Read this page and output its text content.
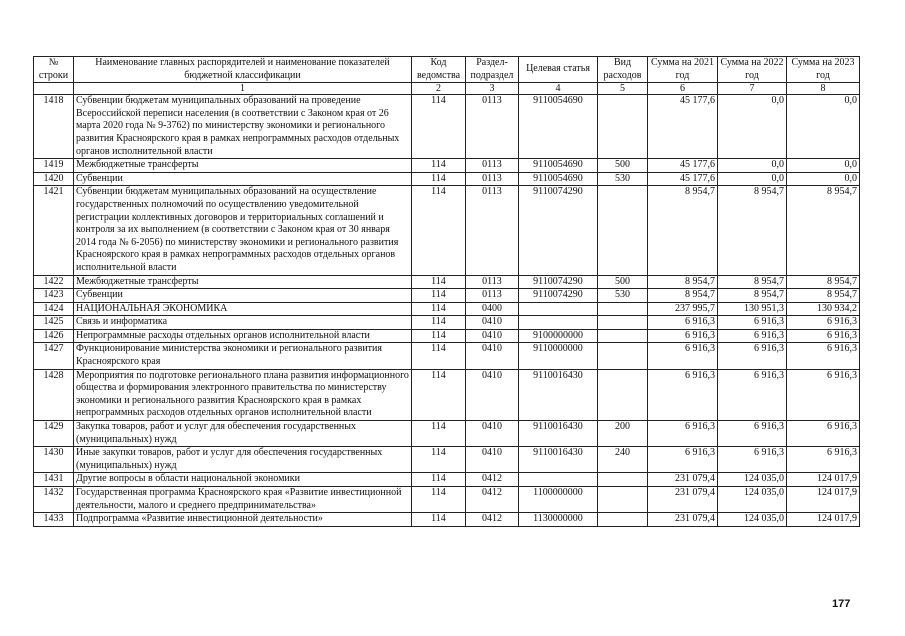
№ строки	Наименование главных распорядителей и наименование показателей бюджетной классификации	Код ведомства	Раздел-подраздел	Целевая статья	Вид расходов	Сумма на 2021 год	Сумма на 2022 год	Сумма на 2023 год
	1	2	3	4	5	6	7	8
1418	Субвенции бюджетам муниципальных образований на проведение Всероссийской переписи населения (в соответствии с Законом края от 26 марта 2020 года № 9-3762) по министерству экономики и регионального развития Красноярского края в рамках непрограммных расходов отдельных органов исполнительной власти	114	0113	9110054690		45 177,6	0,0	0,0
1419	Межбюджетные трансферты	114	0113	9110054690	500	45 177,6	0,0	0,0
1420	Субвенции	114	0113	9110054690	530	45 177,6	0,0	0,0
1421	Субвенции бюджетам муниципальных образований на осуществление государственных полномочий по осуществлению уведомительной регистрации коллективных договоров и территориальных соглашений и контроля за их выполнением (в соответствии с Законом края от 30 января 2014 года № 6-2056) по министерству экономики и регионального развития Красноярского края в рамках непрограммных расходов отдельных органов исполнительной власти	114	0113	9110074290		8 954,7	8 954,7	8 954,7
1422	Межбюджетные трансферты	114	0113	9110074290	500	8 954,7	8 954,7	8 954,7
1423	Субвенции	114	0113	9110074290	530	8 954,7	8 954,7	8 954,7
1424	НАЦИОНАЛЬНАЯ ЭКОНОМИКА	114	0400			237 995,7	130 951,3	130 934,2
1425	Связь и информатика	114	0410			6 916,3	6 916,3	6 916,3
1426	Непрограммные расходы отдельных органов исполнительной власти	114	0410	9100000000		6 916,3	6 916,3	6 916,3
1427	Функционирование министерства экономики и регионального развития Красноярского края	114	0410	9110000000		6 916,3	6 916,3	6 916,3
1428	Мероприятия по подготовке регионального плана развития информационного общества и формирования электронного правительства по министерству экономики и регионального развития Красноярского края в рамках непрограммных расходов отдельных органов исполнительной власти	114	0410	9110016430		6 916,3	6 916,3	6 916,3
1429	Закупка товаров, работ и услуг для обеспечения государственных (муниципальных) нужд	114	0410	9110016430	200	6 916,3	6 916,3	6 916,3
1430	Иные закупки товаров, работ и услуг для обеспечения государственных (муниципальных) нужд	114	0410	9110016430	240	6 916,3	6 916,3	6 916,3
1431	Другие вопросы в области национальной экономики	114	0412			231 079,4	124 035,0	124 017,9
1432	Государственная программа Красноярского края «Развитие инвестиционной деятельности, малого и среднего предпринимательства»	114	0412	1100000000		231 079,4	124 035,0	124 017,9
1433	Подпрограмма «Развитие инвестиционной деятельности»	114	0412	1130000000		231 079,4	124 035,0	124 017,9
177
